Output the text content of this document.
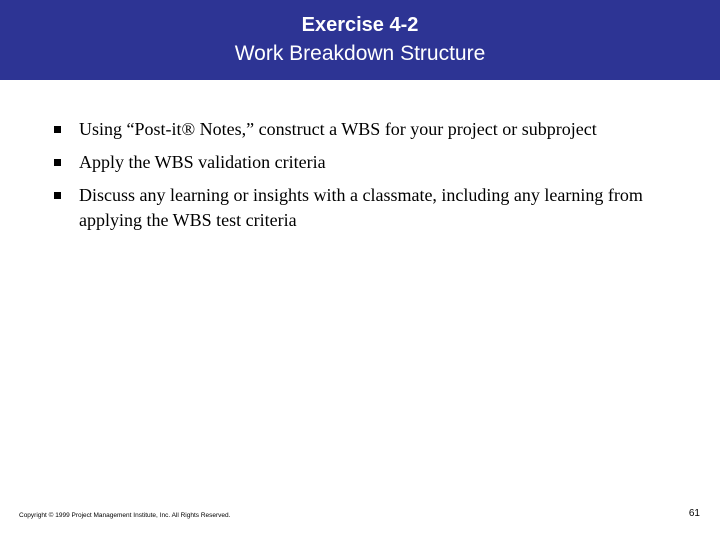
Exercise 4-2
Work Breakdown Structure
Using “Post-it® Notes,” construct a WBS for your project or subproject
Apply the WBS validation criteria
Discuss any learning or insights with a classmate, including any learning from applying the WBS test criteria
Copyright © 1999 Project Management Institute, Inc. All Rights Reserved.	61
